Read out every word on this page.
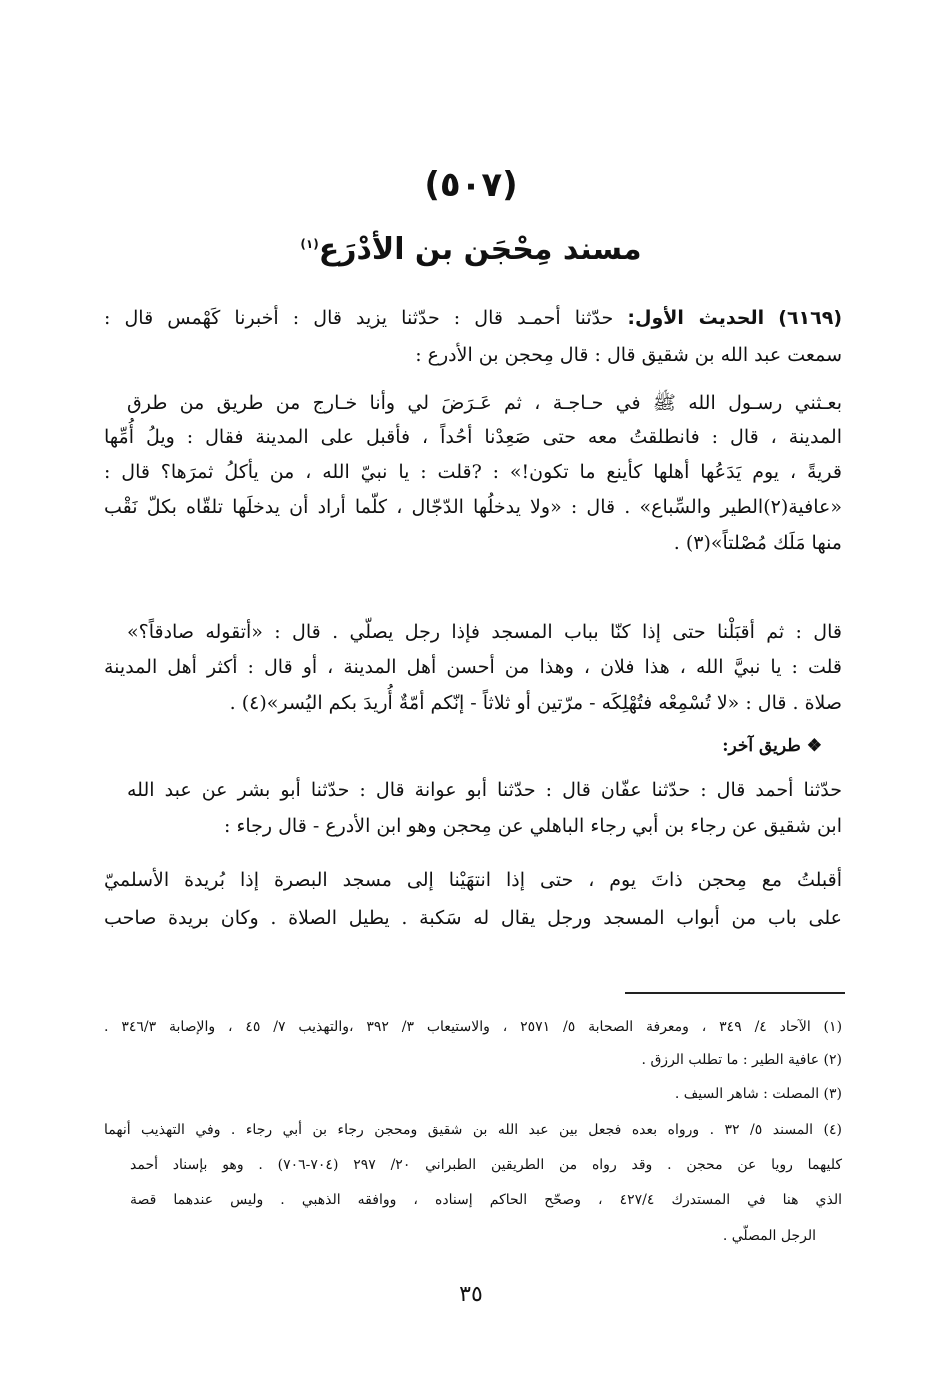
(٥٠٧)
مسند مِحْجَن بن الأدْرَع$^{(١)}$
(٦١٦٩) الحديث الأول: حدّثنا أحمـد قال : حدّثنا يزيد قال : أخبرنا كَهْمس قال :
سمعت عبد الله بن شقيق قال : قال مِحجن بن الأدرع :
بعـثني رسـول الله ﷺ في حـاجـة ، ثم عَـرَضَ لي وأنا خـارج من طريق من طرق
المدينة ، قال : فانطلقتُ معه حتى صَعِدْنا أحُداً ، فأقبل على المدينة فقال : ويلُ أُمِّها
قريةً ، يوم يَدَعُها أهلها كأينع ما تكون!» : ?قلت : يا نبيّ الله ، من يأكلُ ثمرَها؟ قال :
«عافية(٢)الطير والسِّباع» . قال : «ولا يدخلُها الدّجّال ، كلّما أراد أن يدخلَها تلقّاه بكلّ نَقْب
منها مَلَك مُصْلتاً»(٣) .
قال : ثم أقبَلْنا حتى إذا كنّا بباب المسجد فإذا رجل يصلّي . قال : «أتقوله صادقاً؟»
قلت : يا نبيَّ الله ، هذا فلان ، وهذا من أحسن أهل المدينة ، أو قال : أكثر أهل المدينة
صلاة . قال : «لا تُسْمِعْه فتُهْلِكَه - مرّتين أو ثلاثاً - إنّكم أمّةٌ أُريدَ بكم اليُسر»(٤) .
❖ طريق آخر:
حدّثنا أحمد قال : حدّثنا عفّان قال : حدّثنا أبو عوانة قال : حدّثنا أبو بشر عن عبد الله
ابن شقيق عن رجاء بن أبي رجاء الباهلي عن مِحجن وهو ابن الأدرع - قال رجاء :
أقبلتُ مع مِحجن ذاتَ يوم ، حتى إذا انتهَيْنا إلى مسجد البصرة إذا بُريدة الأسلميّ
على باب من أبواب المسجد ورجل يقال له سَكبة . يطيل الصلاة . وكان بريدة صاحب
(١) الآحاد ٤/ ٣٤٩ ، ومعرفة الصحابة ٥/ ٢٥٧١ ، والاستيعاب ٣/ ٣٩٢ ،والتهذيب ٧/ ٤٥ ، والإصابة ٣٤٦/٣ .
(٢) عافية الطير : ما تطلب الرزق .
(٣) المصلت : شاهر السيف .
(٤) المسند ٥/ ٣٢ . ورواه بعده فجعل بين عبد الله بن شقيق ومحجن رجاء بن أبي رجاء . وفي التهذيب أنهما
كليهما رويا عن محجن . وقد رواه من الطريقين الطبراني ٢٠/ ٢٩٧ (٧٠٤-٧٠٦) . وهو بإسناد أحمد
الذي هنا في المستدرك ٤٢٧/٤ ، وصحّح الحاكم إسناده ، ووافقه الذهبي . وليس عندهما قصة
الرجل المصلّي .
٣٥
